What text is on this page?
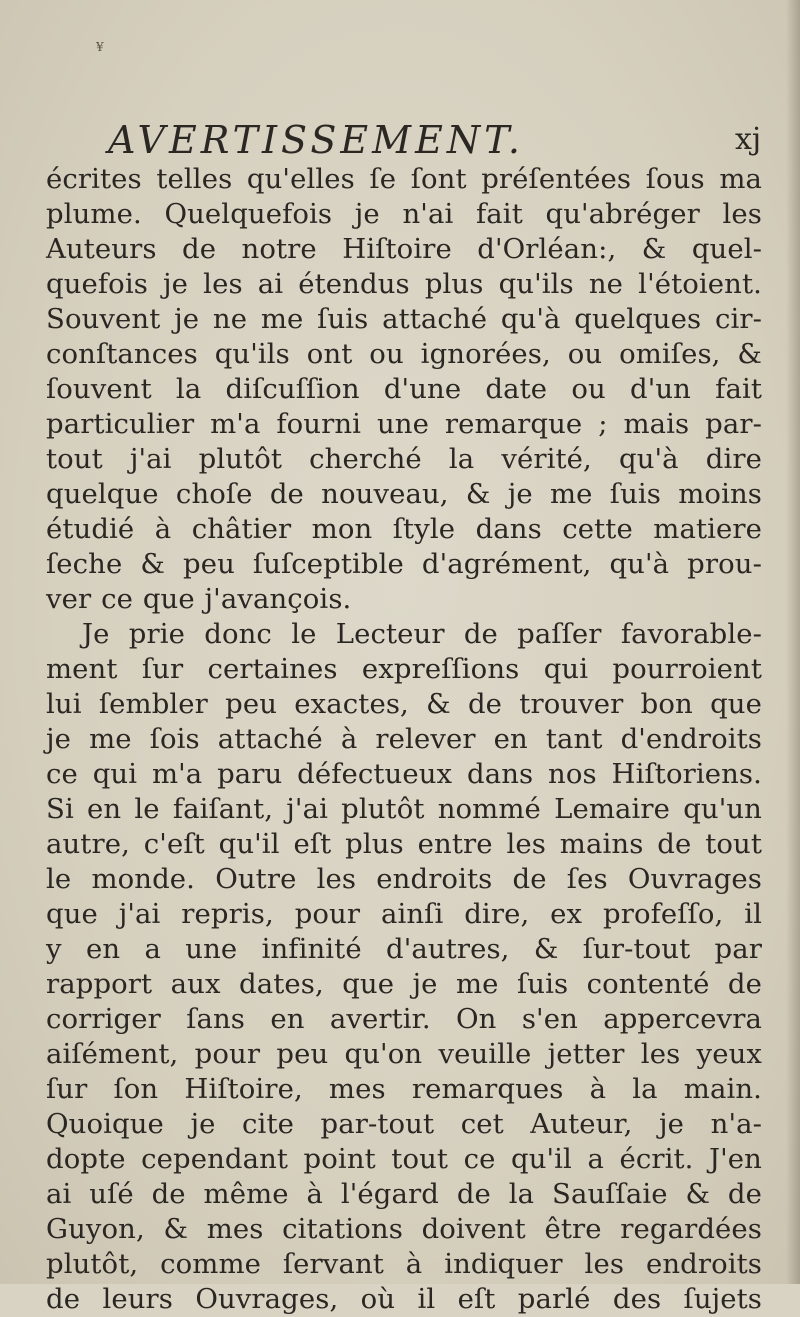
¥
AVERTISSEMENT.	xj
écrites telles qu'elles ſe ſont préſentées ſous ma
plume. Quelquefois je n'ai fait qu'abréger les
Auteurs de notre Hiſtoire d'Orléan:, & quel-
quefois je les ai étendus plus qu'ils ne l'étoient.
Souvent je ne me ſuis attaché qu'à quelques cir-
conſtances qu'ils ont ou ignorées, ou omiſes, &
ſouvent la diſcuſſion d'une date ou d'un fait
particulier m'a fourni une remarque ; mais par-
tout j'ai plutôt cherché la vérité, qu'à dire
quelque choſe de nouveau, & je me ſuis moins
étudié à châtier mon ſtyle dans cette matiere
ſeche & peu ſuſceptible d'agrément, qu'à prou-
ver ce que j'avançois.
Je prie donc le Lecteur de paſſer favorable-
ment ſur certaines expreſſions qui pourroient
lui ſembler peu exactes, & de trouver bon que
je me ſois attaché à relever en tant d'endroits
ce qui m'a paru défectueux dans nos Hiſtoriens.
Si en le faiſant, j'ai plutôt nommé Lemaire qu'un
autre, c'eſt qu'il eſt plus entre les mains de tout
le monde. Outre les endroits de ſes Ouvrages
que j'ai repris, pour ainſi dire, ex profeſſo, il
y en a une infinité d'autres, & ſur-tout par
rapport aux dates, que je me ſuis contenté de
corriger ſans en avertir. On s'en appercevra
aiſément, pour peu qu'on veuille jetter les yeux
ſur ſon Hiſtoire, mes remarques à la main.
Quoique je cite par-tout cet Auteur, je n'a-
dopte cependant point tout ce qu'il a écrit. J'en
ai uſé de même à l'égard de la Sauſſaie & de
Guyon, & mes citations doivent être regardées
plutôt, comme ſervant à indiquer les endroits
de leurs Ouvrages, où il eſt parlé des ſujets
